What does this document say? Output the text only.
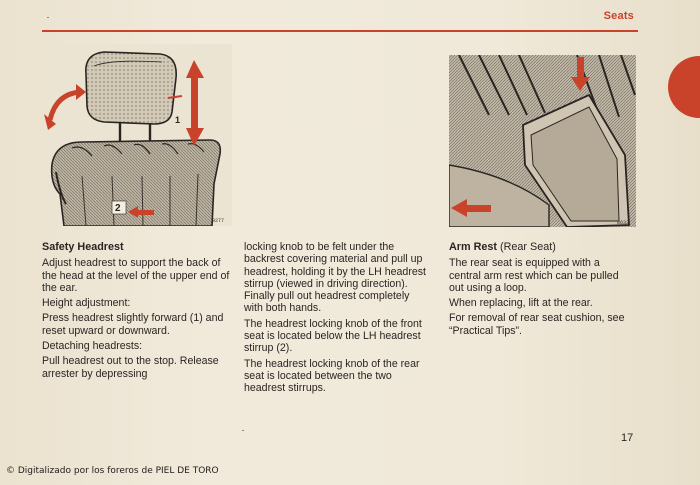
Seats
1
2
9277	8632
Safety Headrest

Adjust headrest to support the back of the head at the level of the upper end of the ear.

Height adjustment:

Press headrest slightly forward (1) and reset upward or downward.

Detaching headrests:

Pull headrest out to the stop. Release arrester by depressing

locking knob to be felt under the backrest covering material and pull up headrest, holding it by the LH headrest stirrup (viewed in driving direction). Finally pull out headrest completely with both hands.

The headrest locking knob of the front seat is located below the LH headrest stirrup (2).

The headrest locking knob of the rear seat is located between the two headrest stirrups.

Arm Rest (Rear Seat)

The rear seat is equipped with a central arm rest which can be pulled out using a loop.

When replacing, lift at the rear.

For removal of rear seat cushion, see “Practical Tips”.

17
© Digitalizado por los foreros de PIEL DE TORO
